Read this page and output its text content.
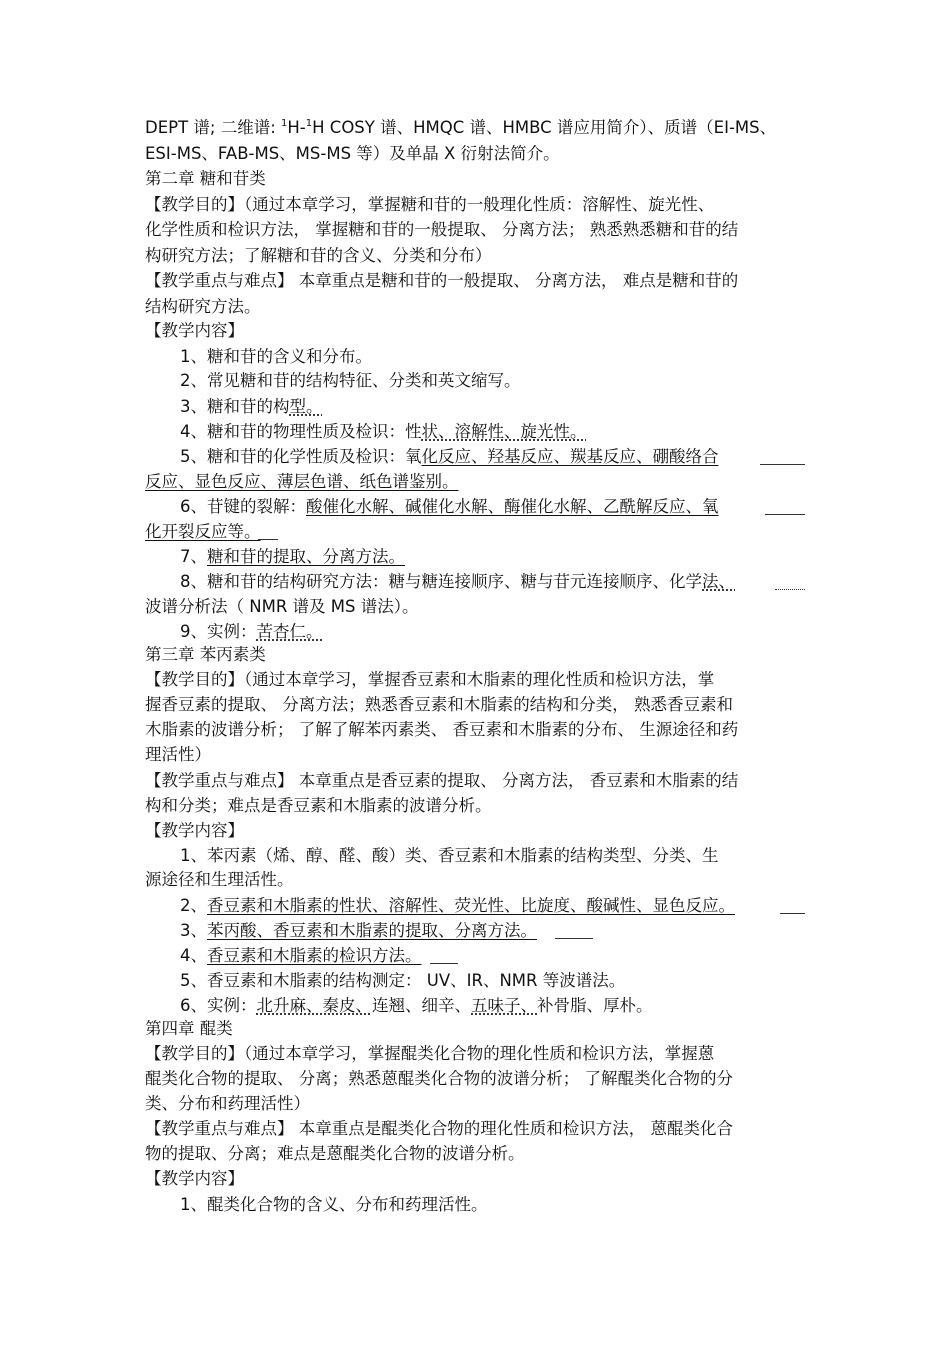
DEPT 谱; 二维谱: $^1$H-$^1$H COSY 谱、HMQC 谱、HMBC 谱应用简介）、质谱（EI-MS、
ESI-MS、FAB-MS、MS-MS 等）及单晶 X 衍射法简介。
第二章 糖和苷类
【教学目的】（通过本章学习，掌握糖和苷的一般理化性质：溶解性、旋光性、
化学性质和检识方法， 掌握糖和苷的一般提取、 分离方法； 熟悉熟悉糖和苷的结
构研究方法；了解糖和苷的含义、分类和分布）
【教学重点与难点】 本章重点是糖和苷的一般提取、 分离方法， 难点是糖和苷的
结构研究方法。
【教学内容】
1、糖和苷的含义和分布。
2、常见糖和苷的结构特征、分类和英文缩写。
3、糖和苷的构型。
4、糖和苷的物理性质及检识：性状、溶解性、旋光性。
5、糖和苷的化学性质及检识：氧化反应、羟基反应、羰基反应、硼酸络合
反应、显色反应、薄层色谱、纸色谱鉴别。
6、苷键的裂解：酸催化水解、碱催化水解、酶催化水解、乙酰解反应、氧
化开裂反应等。
7、糖和苷的提取、分离方法。
8、糖和苷的结构研究方法：糖与糖连接顺序、糖与苷元连接顺序、化学法、
波谱分析法（ NMR 谱及 MS 谱法）。
9、实例：苦杏仁。
第三章 苯丙素类
【教学目的】（通过本章学习，掌握香豆素和木脂素的理化性质和检识方法，掌
握香豆素的提取、 分离方法；熟悉香豆素和木脂素的结构和分类， 熟悉香豆素和
木脂素的波谱分析； 了解了解苯丙素类、 香豆素和木脂素的分布、 生源途径和药
理活性）
【教学重点与难点】 本章重点是香豆素的提取、 分离方法， 香豆素和木脂素的结
构和分类；难点是香豆素和木脂素的波谱分析。
【教学内容】
1、苯丙素（烯、醇、醛、酸）类、香豆素和木脂素的结构类型、分类、生
源途径和生理活性。
2、香豆素和木脂素的性状、溶解性、荧光性、比旋度、酸碱性、显色反应。
3、苯丙酸、香豆素和木脂素的提取、分离方法。
4、香豆素和木脂素的检识方法。
5、香豆素和木脂素的结构测定： UV、IR、NMR 等波谱法。
6、实例：北升麻、秦皮、连翘、细辛、五味子、补骨脂、厚朴。
第四章 醌类
【教学目的】（通过本章学习，掌握醌类化合物的理化性质和检识方法，掌握蒽
醌类化合物的提取、 分离；熟悉蒽醌类化合物的波谱分析； 了解醌类化合物的分
类、分布和药理活性）
【教学重点与难点】 本章重点是醌类化合物的理化性质和检识方法， 蒽醌类化合
物的提取、分离；难点是蒽醌类化合物的波谱分析。
【教学内容】
1、醌类化合物的含义、分布和药理活性。
